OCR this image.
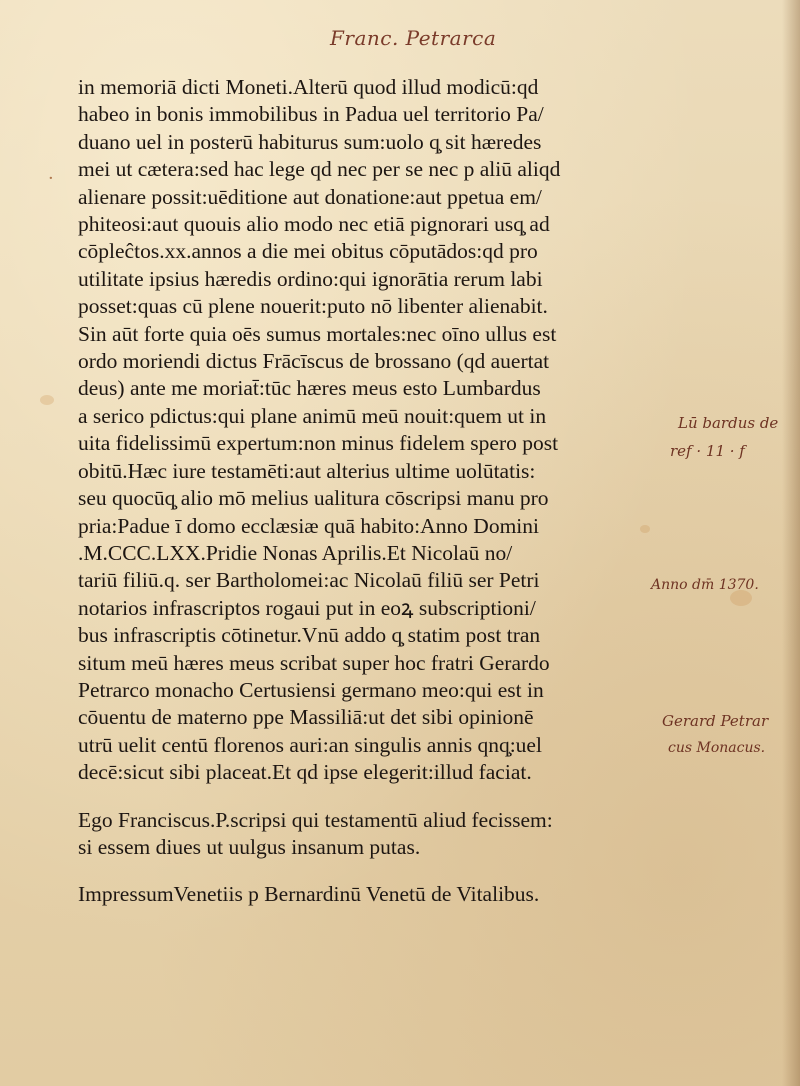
·
Franc. Petrarca
in memoriā dicti Moneti.Alterū quod illud modicū:qd
habeo in bonis immobilibus in Padua uel territorio Pa/
duano uel in posterū habiturus sum:uolo q̧ sit hæredes
mei ut cætera:sed hac lege qd nec per se nec p aliū aliqd
alienare possit:uēditione aut donatione:aut ppetua em/
phiteosi:aut quouis alio modo nec etiā pignorari usq̧ ad
cōpleĉtos.xx.annos a die mei obitus cōputādos:qd pro
utilitate ipsius hæredis ordino:qui ignorātia rerum labi
posset:quas cū plene nouerit:puto nō libenter alienabit.
Sin aūt forte quia oēs sumus mortales:nec oīno ullus est
ordo moriendi dictus Frācīscus de brossano (qd auertat
deus) ante me moriat̄:tūc hæres meus esto Lumbardus
a serico pdictus:qui plane animū meū nouit:quem ut in
uita fidelissimū expertum:non minus fidelem spero post
obitū.Hæc iure testamēti:aut alterius ultime uolūtatis:
seu quocūq̧ alio mō melius ualitura cōscripsi manu pro
pria:Padue ī domo ecclæsiæ quā habito:Anno Domini
.M.CCC.LXX.Pridie Nonas Aprilis.Et Nicolaū no/
tariū filiū.q. ser Bartholomei:ac Nicolaū filiū ser Petri
notarios infrascriptos rogaui put in eoꝝ subscriptioni/
bus infrascriptis cōtinetur.Vnū addo q̧ statim post tran
situm meū hæres meus scribat super hoc fratri Gerardo
Petrarco monacho Certusiensi germano meo:qui est in
cōuentu de materno ppe Massiliā:ut det sibi opinionē
utrū uelit centū florenos auri:an singulis annis qnq̧:uel
decē:sicut sibi placeat.Et qd ipse elegerit:illud faciat.
Ego Franciscus.P.scripsi qui testamentū aliud fecissem:
si essem diues ut uulgus insanum putas.
ImpressumVenetiis p Bernardinū Venetū de Vitalibus.
Lū bardus de
ref · 11 · f
Anno dm̄ 1370.
Gerard Petrar
cus Monacus.
